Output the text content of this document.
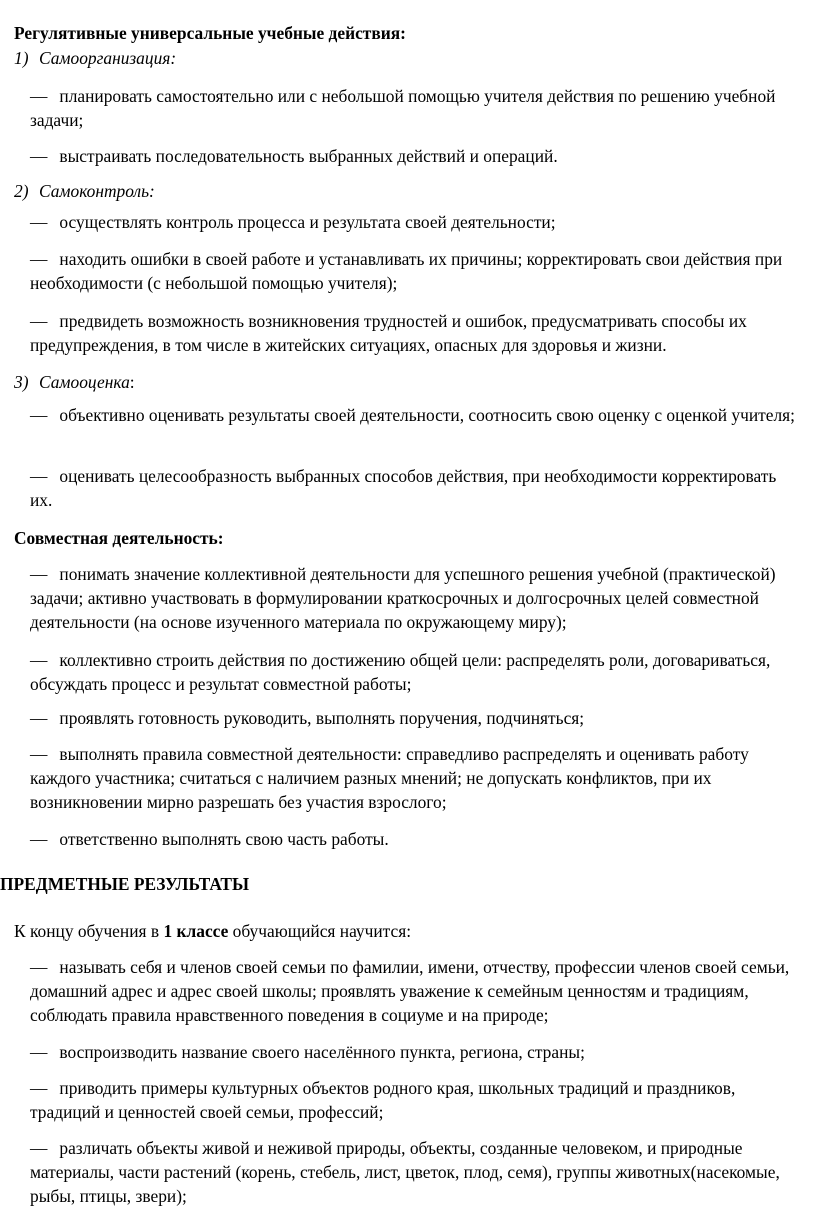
Регулятивные универсальные учебные действия:
1) Самоорганизация:
— планировать самостоятельно или с небольшой помощью учителя действия по решению учебной задачи;
— выстраивать последовательность выбранных действий и операций.
2) Самоконтроль:
— осуществлять контроль процесса и результата своей деятельности;
— находить ошибки в своей работе и устанавливать их причины; корректировать свои действия при необходимости (с небольшой помощью учителя);
— предвидеть возможность возникновения трудностей и ошибок, предусматривать способы их предупреждения, в том числе в житейских ситуациях, опасных для здоровья и жизни.
3) Самооценка:
— объективно оценивать результаты своей деятельности, соотносить свою оценку с оценкой учителя;
— оценивать целесообразность выбранных способов действия, при необходимости корректировать их.
Совместная деятельность:
— понимать значение коллективной деятельности для успешного решения учебной (практической) задачи; активно участвовать в формулировании краткосрочных и долгосрочных целей совместной деятельности (на основе изученного материала по окружающему миру);
— коллективно строить действия по достижению общей цели: распределять роли, договариваться, обсуждать процесс и результат совместной работы;
— проявлять готовность руководить, выполнять поручения, подчиняться;
— выполнять правила совместной деятельности: справедливо распределять и оценивать работу каждого участника; считаться с наличием разных мнений; не допускать конфликтов, при их возникновении мирно разрешать без участия взрослого;
— ответственно выполнять свою часть работы.
ПРЕДМЕТНЫЕ РЕЗУЛЬТАТЫ
К концу обучения в 1 классе обучающийся научится:
— называть себя и членов своей семьи по фамилии, имени, отчеству, профессии членов своей семьи, домашний адрес и адрес своей школы; проявлять уважение к семейным ценностям и традициям, соблюдать правила нравственного поведения в социуме и на природе;
— воспроизводить название своего населённого пункта, региона, страны;
— приводить примеры культурных объектов родного края, школьных традиций и праздников, традиций и ценностей своей семьи, профессий;
— различать объекты живой и неживой природы, объекты, созданные человеком, и природные материалы, части растений (корень, стебель, лист, цветок, плод, семя), группы животных(насекомые, рыбы, птицы, звери);
